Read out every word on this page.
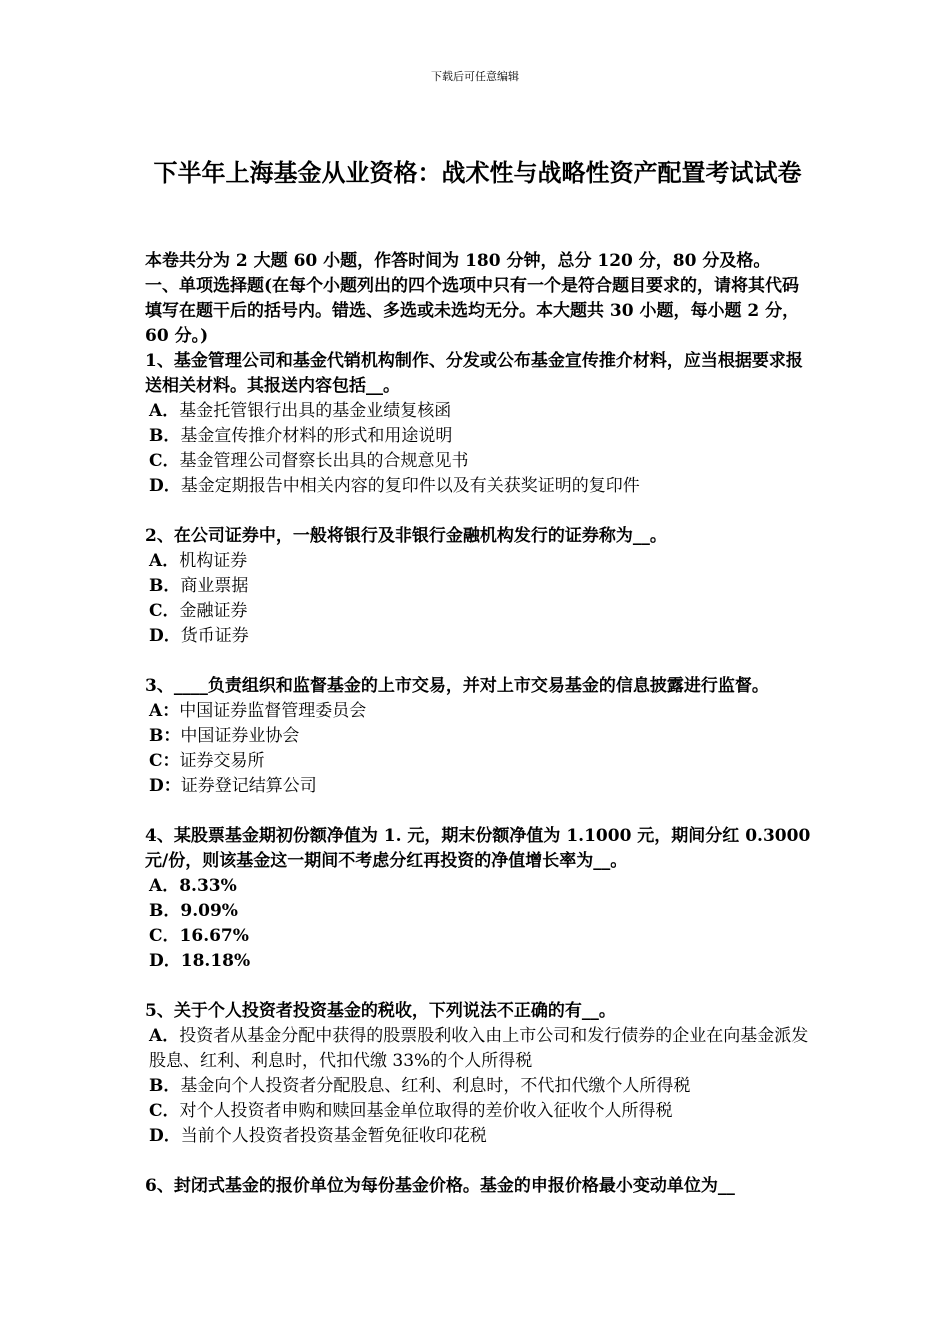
下载后可任意编辑
下半年上海基金从业资格：战术性与战略性资产配置考试试卷

本卷共分为 2 大题 60 小题，作答时间为 180 分钟，总分 120 分，80 分及格。

一、单项选择题(在每个小题列出的四个选项中只有一个是符合题目要求的，请将其代码填写在题干后的括号内。错选、多选或未选均无分。本大题共 30 小题，每小题 2 分，60 分。)

1、基金管理公司和基金代销机构制作、分发或公布基金宣传推介材料，应当根据要求报送相关材料。其报送内容包括__。

A．基金托管银行出具的基金业绩复核函
B．基金宣传推介材料的形式和用途说明
C．基金管理公司督察长出具的合规意见书
D．基金定期报告中相关内容的复印件以及有关获奖证明的复印件

2、在公司证券中，一般将银行及非银行金融机构发行的证券称为__。

A．机构证券
B．商业票据
C．金融证券
D．货币证券

3、____负责组织和监督基金的上市交易，并对上市交易基金的信息披露进行监督。

A：中国证券监督管理委员会
B：中国证券业协会
C：证券交易所
D：证券登记结算公司

4、某股票基金期初份额净值为 1. 元，期末份额净值为 1.1000 元，期间分红 0.3000 元/份，则该基金这一期间不考虑分红再投资的净值增长率为__。

A．8.33%
B．9.09%
C．16.67%
D．18.18%

5、关于个人投资者投资基金的税收，下列说法不正确的有__。

A．投资者从基金分配中获得的股票股利收入由上市公司和发行债券的企业在向基金派发股息、红利、利息时，代扣代缴 33%的个人所得税
B．基金向个人投资者分配股息、红利、利息时，不代扣代缴个人所得税
C．对个人投资者申购和赎回基金单位取得的差价收入征收个人所得税
D．当前个人投资者投资基金暂免征收印花税

6、封闭式基金的报价单位为每份基金价格。基金的申报价格最小变动单位为__
